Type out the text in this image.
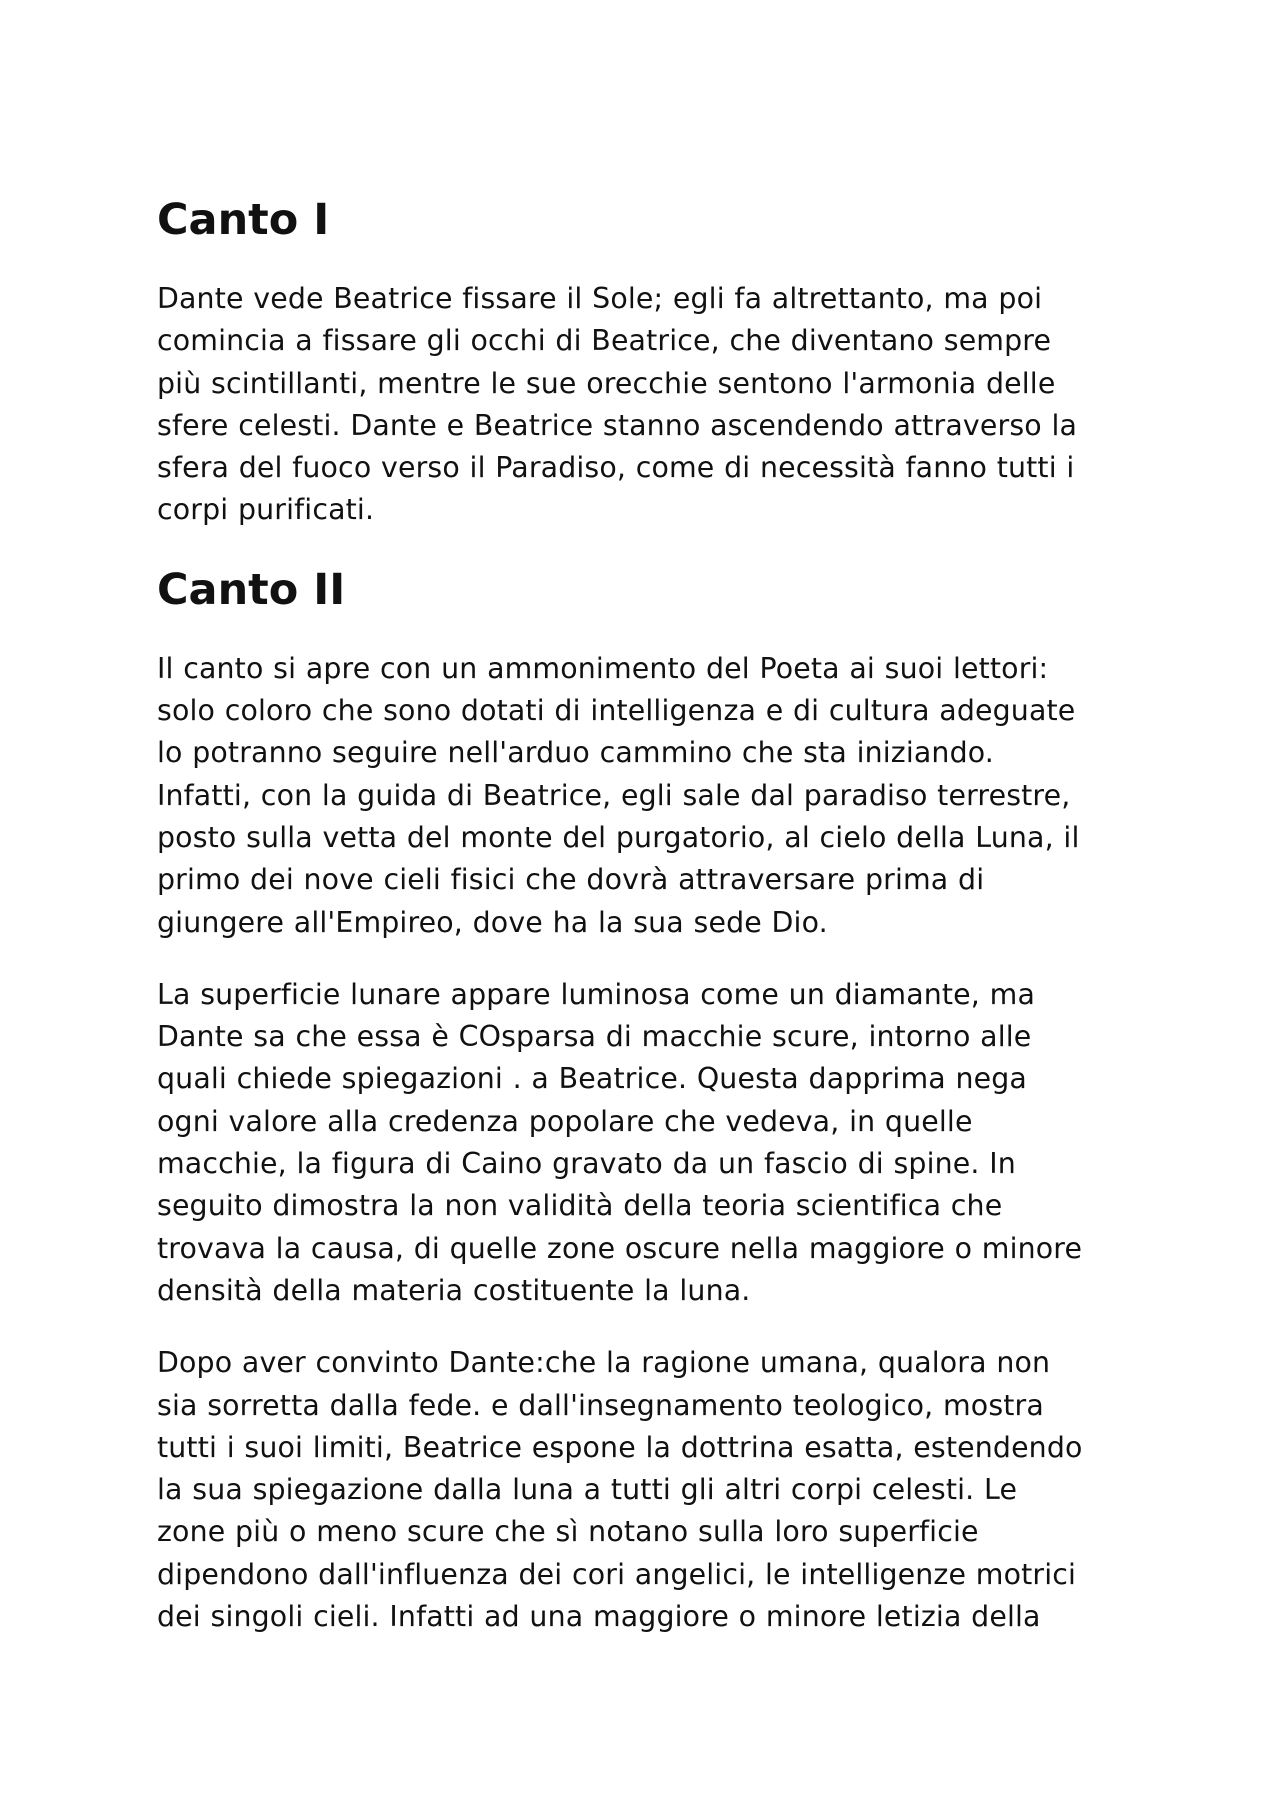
Canto I

Dante vede Beatrice fissare il Sole; egli fa altrettanto, ma poi
comincia a fissare gli occhi di Beatrice, che diventano sempre
più scintillanti, mentre le sue orecchie sentono l'armonia delle
sfere celesti. Dante e Beatrice stanno ascendendo attraverso la
sfera del fuoco verso il Paradiso, come di necessità fanno tutti i
corpi purificati.

Canto II

Il canto si apre con un ammonimento del Poeta ai suoi lettori:
solo coloro che sono dotati di intelligenza e di cultura adeguate
lo potranno seguire nell'arduo cammino che sta iniziando.
Infatti, con la guida di Beatrice, egli sale dal paradiso terrestre,
posto sulla vetta del monte del purgatorio, al cielo della Luna, il
primo dei nove cieli fisici che dovrà attraversare prima di
giungere all'Empireo, dove ha la sua sede Dio.

La superficie lunare appare luminosa come un diamante, ma
Dante sa che essa è COsparsa di macchie scure, intorno alle
quali chiede spiegazioni . a Beatrice. Questa dapprima nega
ogni valore alla credenza popolare che vedeva, in quelle
macchie, la figura di Caino gravato da un fascio di spine. In
seguito dimostra la non validità della teoria scientifica che
trovava la causa, di quelle zone oscure nella maggiore o minore
densità della materia costituente la luna.

Dopo aver convinto Dante:che la ragione umana, qualora non
sia sorretta dalla fede. e dall'insegnamento teologico, mostra
tutti i suoi limiti, Beatrice espone la dottrina esatta, estendendo
la sua spiegazione dalla luna a tutti gli altri corpi celesti. Le
zone più o meno scure che sì notano sulla loro superficie
dipendono dall'influenza dei cori angelici, le intelligenze motrici
dei singoli cieli. Infatti ad una maggiore o minore letizia della
